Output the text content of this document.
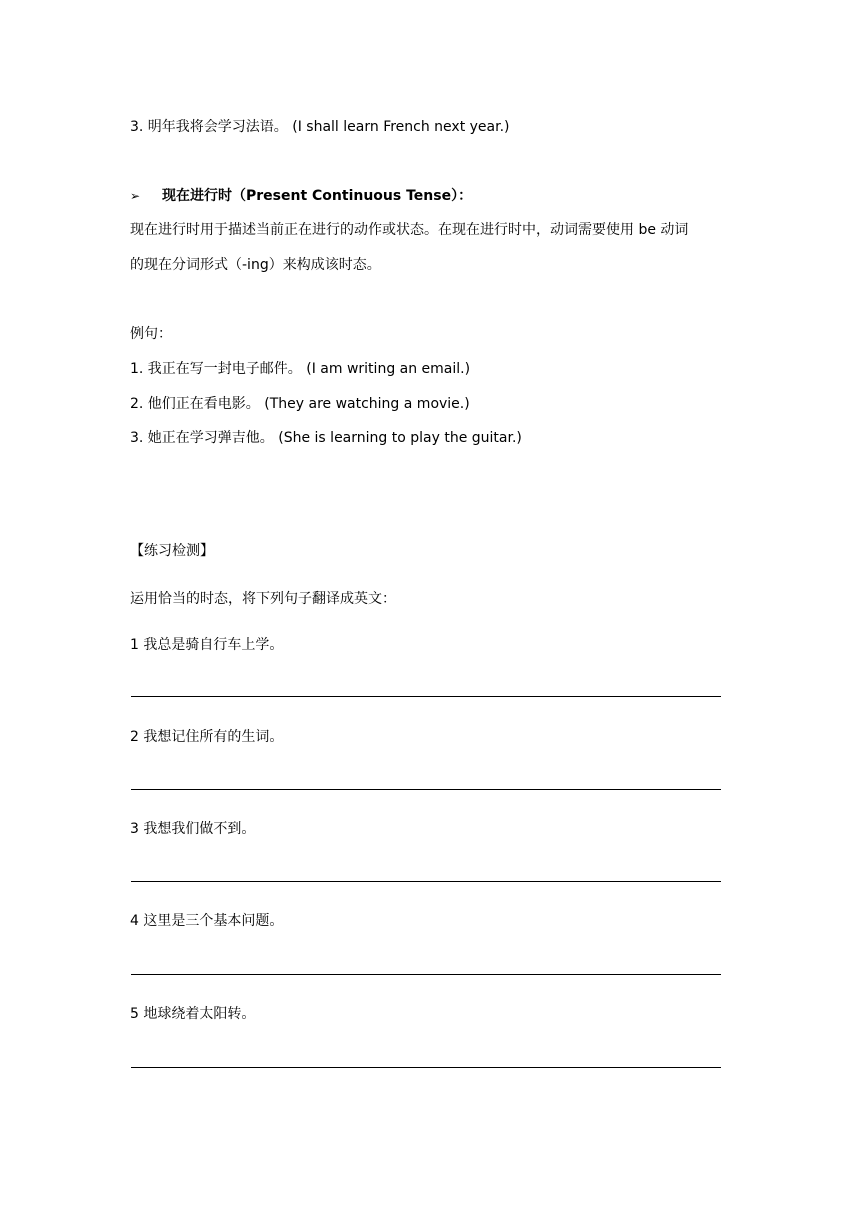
3. 明年我将会学习法语。 (I shall learn French next year.)
➢ 现在进行时（Present Continuous Tense）：
现在进行时用于描述当前正在进行的动作或状态。在现在进行时中，动词需要使用 be 动词
的现在分词形式（-ing）来构成该时态。
例句：
1. 我正在写一封电子邮件。 (I am writing an email.)
2. 他们正在看电影。 (They are watching a movie.)
3. 她正在学习弹吉他。 (She is learning to play the guitar.)
【练习检测】
运用恰当的时态，将下列句子翻译成英文：
1 我总是骑自行车上学。
2 我想记住所有的生词。
3 我想我们做不到。
4 这里是三个基本问题。
5 地球绕着太阳转。
